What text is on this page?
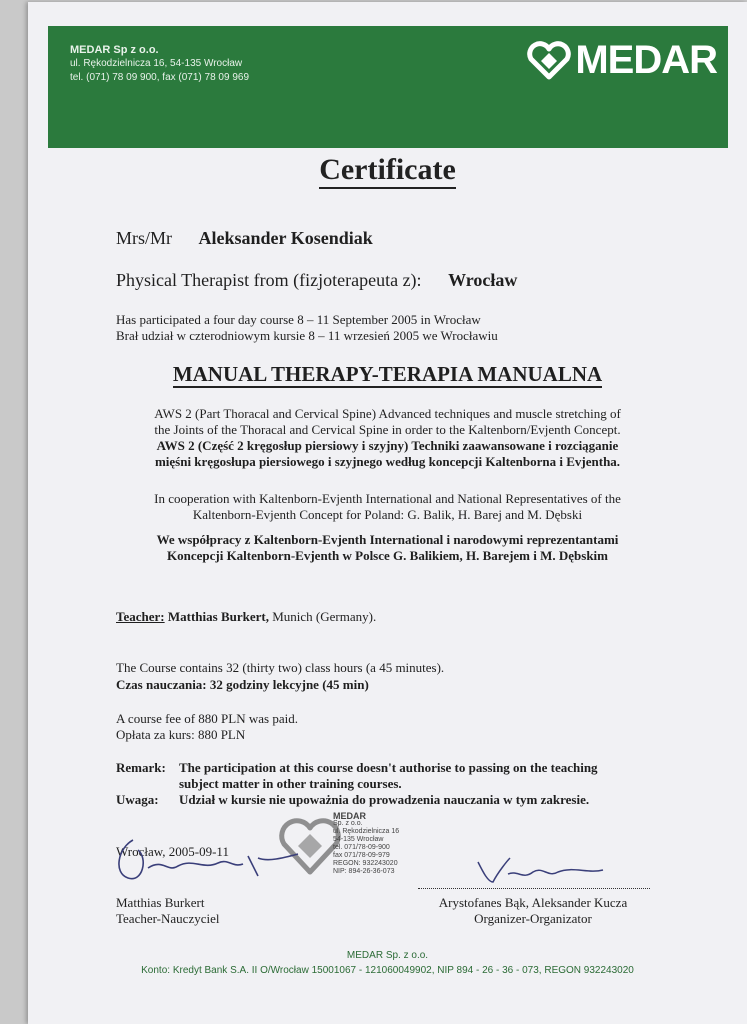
MEDAR Sp z o.o.
ul. Rękodzielnicza 16, 54-135 Wrocław
tel. (071) 78 09 900, fax (071) 78 09 969	MEDAR
Certificate
Mrs/Mr Aleksander Kosendiak
Physical Therapist from (fizjoterapeuta z): Wrocław
Has participated a four day course 8 – 11 September 2005 in Wrocław
Brał udział w czterodniowym kursie 8 – 11 wrzesień 2005 we Wrocławiu
MANUAL THERAPY-TERAPIA MANUALNA
AWS 2 (Part Thoracal and Cervical Spine) Advanced techniques and muscle stretching of
the Joints of the Thoracal and Cervical Spine in order to the Kaltenborn/Evjenth Concept.
AWS 2 (Część 2 kręgosłup piersiowy i szyjny) Techniki zaawansowane i rozciąganie
mięśni kręgosłupa piersiowego i szyjnego według koncepcji Kaltenborna i Evjentha.
In cooperation with Kaltenborn-Evjenth International and National Representatives of the
Kaltenborn-Evjenth Concept for Poland: G. Balik, H. Barej and M. Dębski
We współpracy z Kaltenborn-Evjenth International i narodowymi reprezentantami
Koncepcji Kaltenborn-Evjenth w Polsce G. Balikiem, H. Barejem i M. Dębskim
Teacher: Matthias Burkert, Munich (Germany).
The Course contains 32 (thirty two) class hours (a 45 minutes).
Czas nauczania: 32 godziny lekcyjne (45 min)
A course fee of 880 PLN was paid.
Opłata za kurs: 880 PLN
Remark:	The participation at this course doesn't authorise to passing on the teaching
subject matter in other training courses.

Uwaga:	Udział w kursie nie upoważnia do prowadzenia nauczania w tym zakresie.
MEDAR
Sp. z o.o.
ul. Rękodzielnicza 16
54-135 Wrocław
tel. 071/78-09-900
fax 071/78-09-979
REGON: 932243020
NIP: 894-26-36-073
Wrocław, 2005-09-11
Matthias Burkert
Teacher-Nauczyciel
Arystofanes Bąk, Aleksander Kucza
Organizer-Organizator
MEDAR Sp. z o.o.
Konto: Kredyt Bank S.A. II O/Wrocław 15001067 - 121060049902, NIP 894 - 26 - 36 - 073, REGON 932243020
